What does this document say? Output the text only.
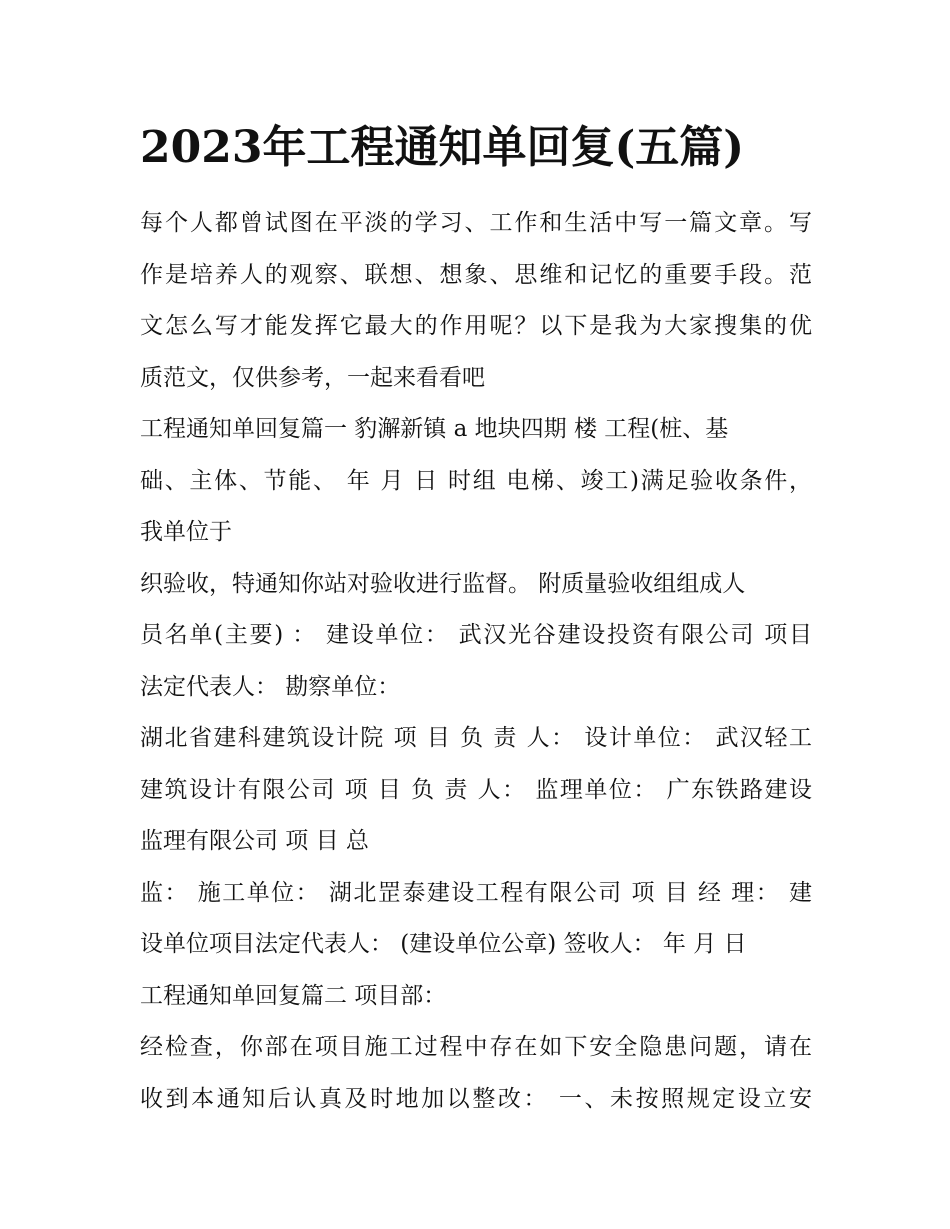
2023年工程通知单回复(五篇)
每个人都曾试图在平淡的学习、工作和生活中写一篇文章。写
作是培养人的观察、联想、想象、思维和记忆的重要手段。范
文怎么写才能发挥它最大的作用呢？以下是我为大家搜集的优
质范文，仅供参考，一起来看看吧
工程通知单回复篇一 豹澥新镇 a 地块四期 楼 工程(桩、基
础、主体、节能、 年 月 日 时组 电梯、竣工)满足验收条件，
我单位于
织验收，特通知你站对验收进行监督。 附质量验收组组成人
员名单(主要) ： 建设单位： 武汉光谷建设投资有限公司 项目
法定代表人： 勘察单位：
湖北省建科建筑设计院 项 目 负 责 人： 设计单位： 武汉轻工
建筑设计有限公司 项 目 负 责 人： 监理单位： 广东铁路建设
监理有限公司 项 目 总
监： 施工单位： 湖北罡泰建设工程有限公司 项 目 经 理： 建
设单位项目法定代表人： (建设单位公章) 签收人： 年 月 日
工程通知单回复篇二 项目部：
经检查，你部在项目施工过程中存在如下安全隐患问题，请在
收到本通知后认真及时地加以整改： 一、未按照规定设立安
